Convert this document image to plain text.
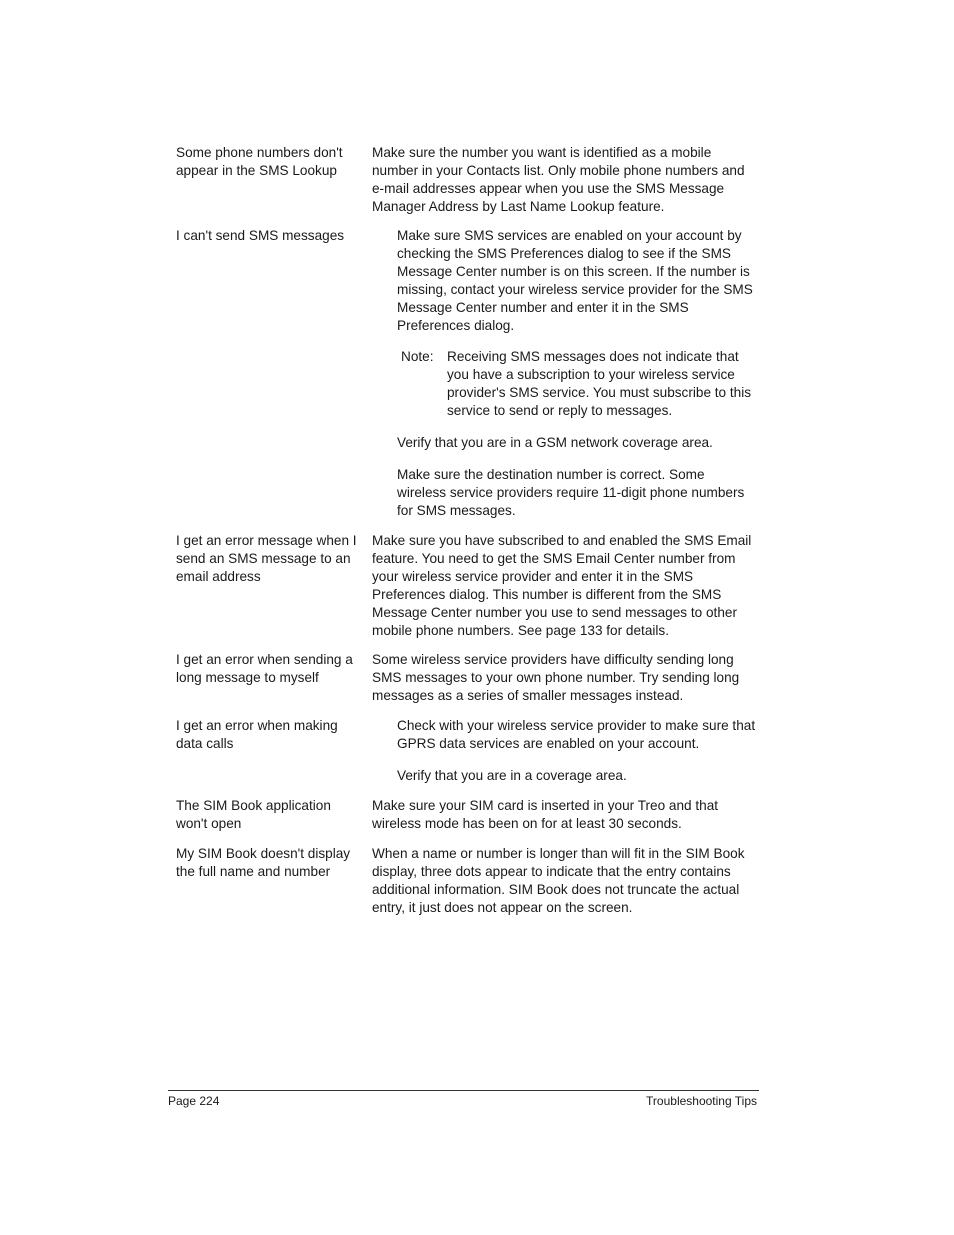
Some phone numbers don't appear in the SMS Lookup

Make sure the number you want is identified as a mobile number in your Contacts list. Only mobile phone numbers and e-mail addresses appear when you use the SMS Message Manager Address by Last Name Lookup feature.

I can't send SMS messages	Make sure SMS services are enabled on your account by checking the SMS Preferences dialog to see if the SMS Message Center number is on this screen. If the number is missing, contact your wireless service provider for the SMS Message Center number and enter it in the SMS Preferences dialog.

Note: Receiving SMS messages does not indicate that you have a subscription to your wireless service provider's SMS service. You must subscribe to this service to send or reply to messages.

Verify that you are in a GSM network coverage area.

Make sure the destination number is correct. Some wireless service providers require 11-digit phone numbers for SMS messages.

I get an error message when I send an SMS message to an email address

Make sure you have subscribed to and enabled the SMS Email feature. You need to get the SMS Email Center number from your wireless service provider and enter it in the SMS Preferences dialog. This number is different from the SMS Message Center number you use to send messages to other mobile phone numbers. See page 133 for details.

I get an error when sending a long message to myself

Some wireless service providers have difficulty sending long SMS messages to your own phone number. Try sending long messages as a series of smaller messages instead.

I get an error when making data calls

Check with your wireless service provider to make sure that GPRS data services are enabled on your account.

Verify that you are in a coverage area.

The SIM Book application won't open

Make sure your SIM card is inserted in your Treo and that wireless mode has been on for at least 30 seconds.

My SIM Book doesn't display the full name and number

When a name or number is longer than will fit in the SIM Book display, three dots appear to indicate that the entry contains additional information. SIM Book does not truncate the actual entry, it just does not appear on the screen.

Page 224	Troubleshooting Tips
